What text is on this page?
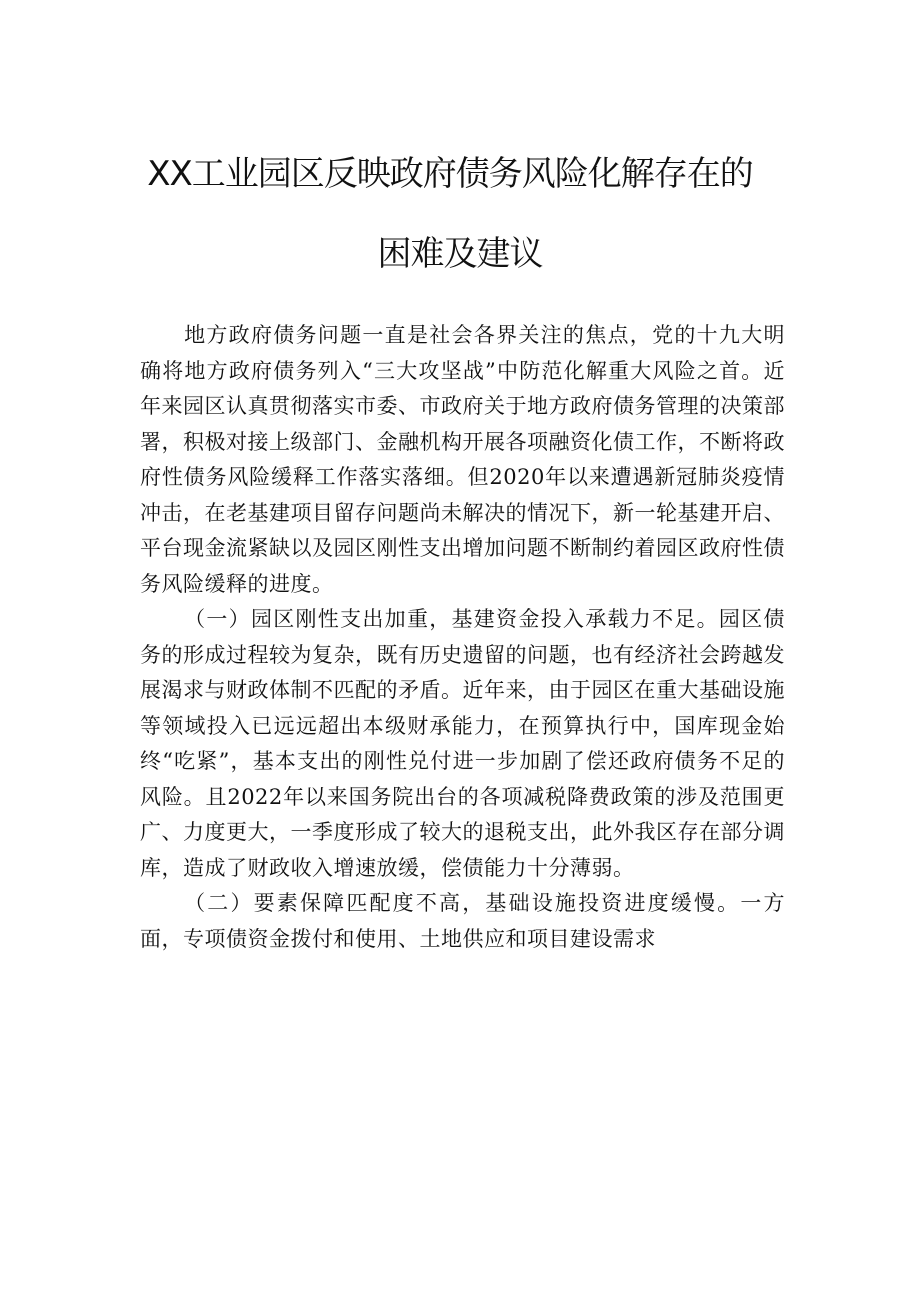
XX工业园区反映政府债务风险化解存在的
困难及建议

地方政府债务问题一直是社会各界关注的焦点，党的十九大明确将地方政府债务列入“三大攻坚战”中防范化解重大风险之首。近年来园区认真贯彻落实市委、市政府关于地方政府债务管理的决策部署，积极对接上级部门、金融机构开展各项融资化债工作，不断将政府性债务风险缓释工作落实落细。但2020年以来遭遇新冠肺炎疫情冲击，在老基建项目留存问题尚未解决的情况下，新一轮基建开启、平台现金流紧缺以及园区刚性支出增加问题不断制约着园区政府性债务风险缓释的进度。

（一）园区刚性支出加重，基建资金投入承载力不足。园区债务的形成过程较为复杂，既有历史遗留的问题，也有经济社会跨越发展渴求与财政体制不匹配的矛盾。近年来，由于园区在重大基础设施等领域投入已远远超出本级财承能力，在预算执行中，国库现金始终“吃紧”，基本支出的刚性兑付进一步加剧了偿还政府债务不足的风险。且2022年以来国务院出台的各项减税降费政策的涉及范围更广、力度更大，一季度形成了较大的退税支出，此外我区存在部分调库，造成了财政收入增速放缓，偿债能力十分薄弱。

（二）要素保障匹配度不高，基础设施投资进度缓慢。一方面，专项债资金拨付和使用、土地供应和项目建设需求
